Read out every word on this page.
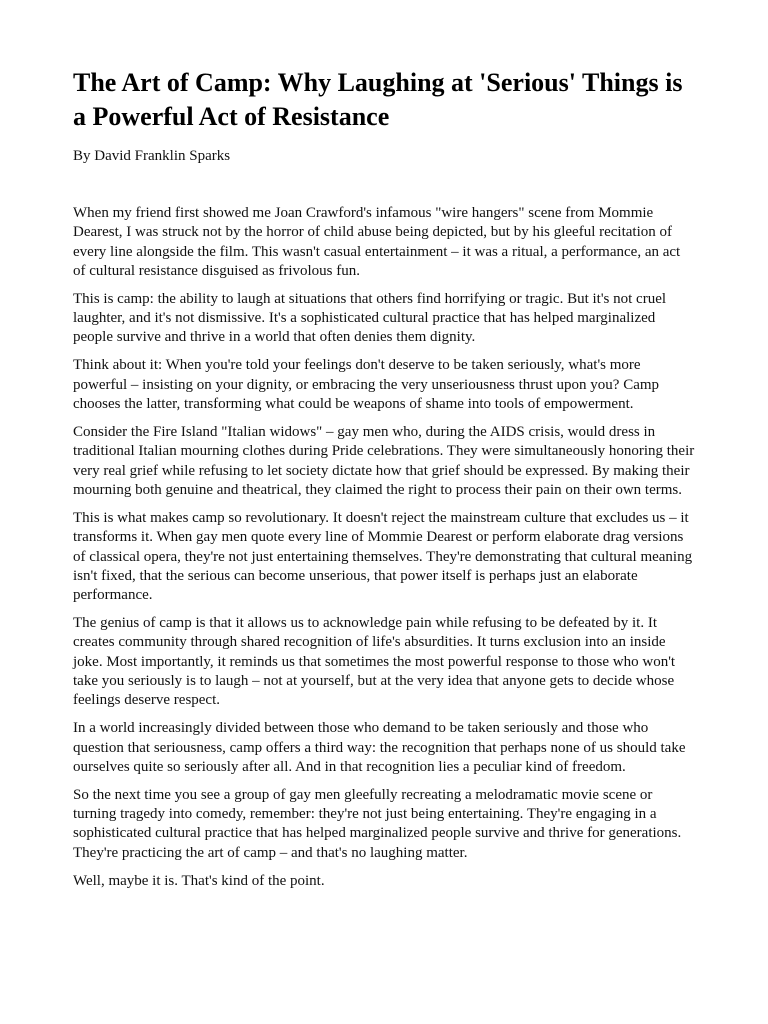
The Art of Camp: Why Laughing at 'Serious' Things is a Powerful Act of Resistance
By David Franklin Sparks

When my friend first showed me Joan Crawford's infamous "wire hangers" scene from Mommie Dearest, I was struck not by the horror of child abuse being depicted, but by his gleeful recitation of every line alongside the film. This wasn't casual entertainment – it was a ritual, a performance, an act of cultural resistance disguised as frivolous fun.

This is camp: the ability to laugh at situations that others find horrifying or tragic. But it's not cruel laughter, and it's not dismissive. It's a sophisticated cultural practice that has helped marginalized people survive and thrive in a world that often denies them dignity.

Think about it: When you're told your feelings don't deserve to be taken seriously, what's more powerful – insisting on your dignity, or embracing the very unseriousness thrust upon you? Camp chooses the latter, transforming what could be weapons of shame into tools of empowerment.

Consider the Fire Island "Italian widows" – gay men who, during the AIDS crisis, would dress in traditional Italian mourning clothes during Pride celebrations. They were simultaneously honoring their very real grief while refusing to let society dictate how that grief should be expressed. By making their mourning both genuine and theatrical, they claimed the right to process their pain on their own terms.

This is what makes camp so revolutionary. It doesn't reject the mainstream culture that excludes us – it transforms it. When gay men quote every line of Mommie Dearest or perform elaborate drag versions of classical opera, they're not just entertaining themselves. They're demonstrating that cultural meaning isn't fixed, that the serious can become unserious, that power itself is perhaps just an elaborate performance.

The genius of camp is that it allows us to acknowledge pain while refusing to be defeated by it. It creates community through shared recognition of life's absurdities. It turns exclusion into an inside joke. Most importantly, it reminds us that sometimes the most powerful response to those who won't take you seriously is to laugh – not at yourself, but at the very idea that anyone gets to decide whose feelings deserve respect.

In a world increasingly divided between those who demand to be taken seriously and those who question that seriousness, camp offers a third way: the recognition that perhaps none of us should take ourselves quite so seriously after all. And in that recognition lies a peculiar kind of freedom.

So the next time you see a group of gay men gleefully recreating a melodramatic movie scene or turning tragedy into comedy, remember: they're not just being entertaining. They're engaging in a sophisticated cultural practice that has helped marginalized people survive and thrive for generations. They're practicing the art of camp – and that's no laughing matter.

Well, maybe it is. That's kind of the point.
